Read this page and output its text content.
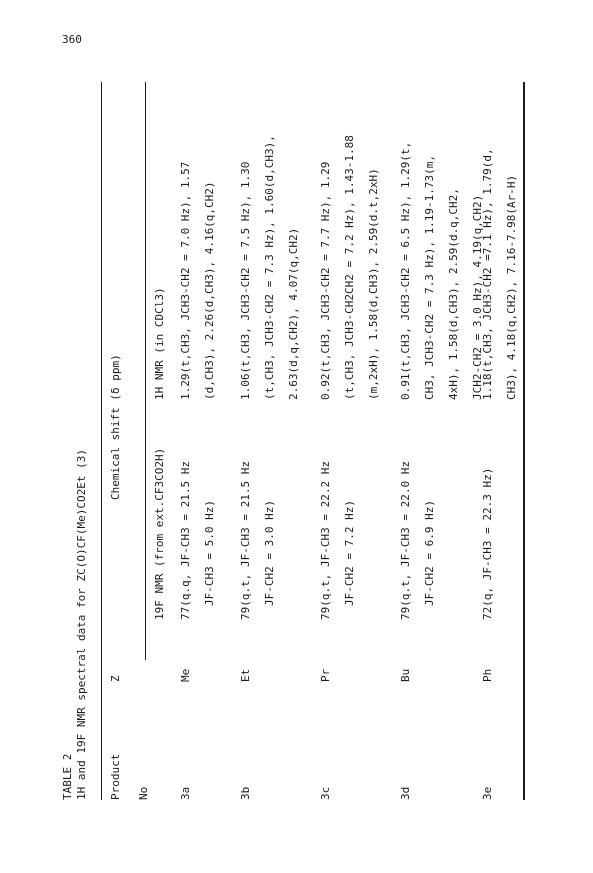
360
TABLE 2 1H and 19F NMR spectral data for ZC(O)CF(Me)CO2Et (3) Product No
Z
Chemical shift (δ ppm)
19F NMR (from ext.CF3CO2H)
1H NMR (in CDCl3)
3a
Me
77(q.q, JF-CH3 = 21.5 Hz JF-CH3 = 5.0 Hz)
1.29(t,CH3, JCH3-CH2 = 7.0 Hz), 1.57 (d,CH3), 2.26(d,CH3), 4.16(q,CH2)
3b
Et
79(q.t, JF-CH3 = 21.5 Hz JF-CH2 = 3.0 Hz)
1.06(t,CH3, JCH3-CH2 = 7.5 Hz), 1.30 (t,CH3, JCH3-CH2 = 7.3 Hz), 1.60(d,CH3), 2.63(d,q,CH2), 4.07(q,CH2)
3c
Pr
79(q.t, JF-CH3 = 22.2 Hz JF-CH2 = 7.2 Hz)
0.92(t,CH3, JCH3-CH2 = 7.7 Hz), 1.29 (t,CH3, JCH3-CH2CH2 = 7.2 Hz), 1.43-1.88 (m,2xH), 1.58(d,CH3), 2.59(d.t,2xH)
3d
Bu
79(q.t, JF-CH3 = 22.0 Hz JF-CH2 = 6.9 Hz)
0.91(t,CH3, JCH3-CH2 = 6.5 Hz), 1.29(t, CH3, JCH3-CH2 = 7.3 Hz), 1.19-1.73(m, 4xH), 1.58(d,CH3), 2.59(d.q,CH2, JCH2-CH2 = 3.0 Hz), 4.19(q,CH2)
3e
Ph
72(q, JF-CH3 = 22.3 Hz)
1.18(t,CH3, JCH3-CH2 =7.1 Hz), 1.79(d, CH3), 4.18(q,CH2), 7.16-7.98(Ar-H)
